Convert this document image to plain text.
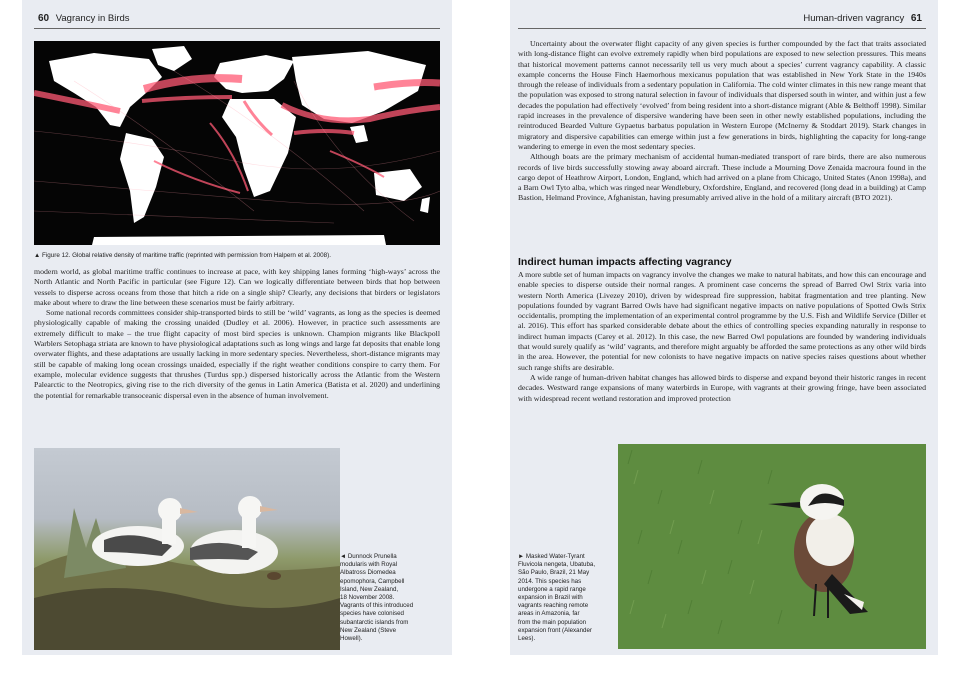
60 Vagrancy in Birds
▲ Figure 12. Global relative density of maritime traffic (reprinted with permission from Halpern et al. 2008).

modern world, as global maritime traffic continues to increase at pace, with key shipping lanes forming ‘high-ways’ across the North Atlantic and North Pacific in particular (see Figure 12). Can we logically differentiate between birds that hop between vessels to disperse across oceans from those that hitch a ride on a single ship? Clearly, any decisions that birders or legislators make about where to draw the line between these scenarios must be fairly arbitrary.

Some national records committees consider ship-transported birds to still be ‘wild’ vagrants, as long as the species is deemed physiologically capable of making the crossing unaided (Dudley et al. 2006). However, in practice such assessments are extremely difficult to make – the true flight capacity of most bird species is unknown. Champion migrants like Blackpoll Warblers Setophaga striata are known to have physiological adaptations such as long wings and large fat deposits that enable long overwater flights, and these adaptations are usually lacking in more sedentary species. Nevertheless, short-distance migrants may still be capable of making long ocean crossings unaided, especially if the right weather conditions conspire to carry them. For example, molecular evidence suggests that thrushes (Turdus spp.) dispersed historically across the Atlantic from the Western Palearctic to the Neotropics, giving rise to the rich diversity of the genus in Latin America (Batista et al. 2020) and underlining the potential for remarkable transoceanic dispersal even in the absence of human involvement.

◄ Dunnock Prunella
modularis with Royal
Albatross Diomedea
epomophora, Campbell
Island, New Zealand,
18 November 2008.
Vagrants of this introduced
species have colonised
subantarctic islands from
New Zealand (Steve
Howell).
Human-driven vagrancy 61

Uncertainty about the overwater flight capacity of any given species is further compounded by the fact that traits associated with long-distance flight can evolve extremely rapidly when bird populations are exposed to new selection pressures. This means that historical movement patterns cannot necessarily tell us very much about a species’ current vagrancy capability. A classic example concerns the House Finch Haemorhous mexicanus population that was established in New York State in the 1940s through the release of individuals from a sedentary population in California. The cold winter climates in this new range meant that the population was exposed to strong natural selection in favour of individuals that dispersed south in winter, and within just a few decades the population had effectively ‘evolved’ from being resident into a short-distance migrant (Able & Belthoff 1998). Similar rapid increases in the prevalence of dispersive wandering have been seen in other newly established populations, including the reintroduced Bearded Vulture Gypaetus barbatus population in Western Europe (McInerny & Stoddart 2019). Stark changes in migratory and dispersive capabilities can emerge within just a few generations in birds, highlighting the capacity for long-range wandering to emerge in even the most sedentary species.

Although boats are the primary mechanism of accidental human-mediated transport of rare birds, there are also numerous records of live birds successfully stowing away aboard aircraft. These include a Mourning Dove Zenaida macroura found in the cargo depot of Heathrow Airport, London, England, which had arrived on a plane from Chicago, United States (Anon 1998a), and a Barn Owl Tyto alba, which was ringed near Wendlebury, Oxfordshire, England, and recovered (long dead in a building) at Camp Bastion, Helmand Province, Afghanistan, having presumably arrived alive in the hold of a military aircraft (BTO 2021).

Indirect human impacts affecting vagrancy

A more subtle set of human impacts on vagrancy involve the changes we make to natural habitats, and how this can encourage and enable species to disperse outside their normal ranges. A prominent case concerns the spread of Barred Owl Strix varia into western North America (Livezey 2010), driven by widespread fire suppression, habitat fragmentation and tree planting. New populations founded by vagrant Barred Owls have had significant negative impacts on native populations of Spotted Owls Strix occidentalis, prompting the implementation of an experimental control programme by the U.S. Fish and Wildlife Service (Diller et al. 2016). This effort has sparked considerable debate about the ethics of controlling species expanding naturally in response to indirect human impacts (Carey et al. 2012). In this case, the new Barred Owl populations are founded by wandering individuals that would surely qualify as ‘wild’ vagrants, and therefore might arguably be afforded the same protections as any other wild birds in the area. However, the potential for new colonists to have negative impacts on native species raises questions about whether such range shifts are desirable.

A wide range of human-driven habitat changes has allowed birds to disperse and expand beyond their historic ranges in recent decades. Westward range expansions of many waterbirds in Europe, with vagrants at their growing fringe, have been associated with widespread recent wetland restoration and improved protection

► Masked Water-Tyrant
Fluvicola nengeta, Ubatuba,
São Paulo, Brazil, 21 May
2014. This species has
undergone a rapid range
expansion in Brazil with
vagrants reaching remote
areas in Amazonia, far
from the main population
expansion front (Alexander
Lees).
